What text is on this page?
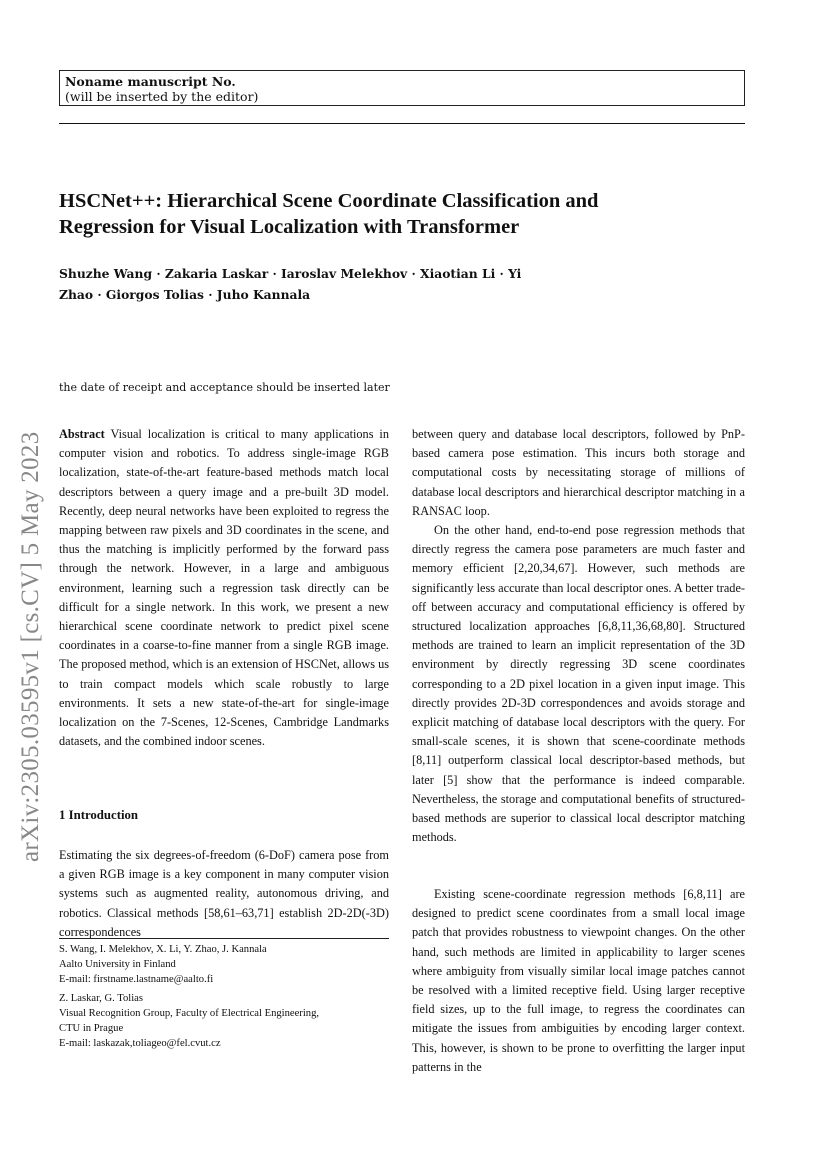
Noname manuscript No.
(will be inserted by the editor)
HSCNet++: Hierarchical Scene Coordinate Classification and
Regression for Visual Localization with Transformer
Shuzhe Wang · Zakaria Laskar · Iaroslav Melekhov · Xiaotian Li · Yi
Zhao · Giorgos Tolias · Juho Kannala
arXiv:2305.03595v1 [cs.CV] 5 May 2023
the date of receipt and acceptance should be inserted later
Abstract Visual localization is critical to many applications in computer vision and robotics. To address single-image RGB localization, state-of-the-art feature-based methods match local descriptors between a query image and a pre-built 3D model. Recently, deep neural networks have been exploited to regress the mapping between raw pixels and 3D coordinates in the scene, and thus the matching is implicitly performed by the forward pass through the network. However, in a large and ambiguous environment, learning such a regression task directly can be difficult for a single network. In this work, we present a new hierarchical scene coordinate network to predict pixel scene coordinates in a coarse-to-fine manner from a single RGB image. The proposed method, which is an extension of HSCNet, allows us to train compact models which scale robustly to large environments. It sets a new state-of-the-art for single-image localization on the 7-Scenes, 12-Scenes, Cambridge Landmarks datasets, and the combined indoor scenes.
1 Introduction
Estimating the six degrees-of-freedom (6-DoF) camera pose from a given RGB image is a key component in many computer vision systems such as augmented reality, autonomous driving, and robotics. Classical methods [58,61–63,71] establish 2D-2D(-3D) correspondences
S. Wang, I. Melekhov, X. Li, Y. Zhao, J. Kannala
Aalto University in Finland
E-mail: firstname.lastname@aalto.fi
Z. Laskar, G. Tolias
Visual Recognition Group, Faculty of Electrical Engineering,
CTU in Prague
E-mail: laskazak,toliageo@fel.cvut.cz
between query and database local descriptors, followed by PnP-based camera pose estimation. This incurs both storage and computational costs by necessitating storage of millions of database local descriptors and hierarchical descriptor matching in a RANSAC loop.
On the other hand, end-to-end pose regression methods that directly regress the camera pose parameters are much faster and memory efficient [2,20,34,67]. However, such methods are significantly less accurate than local descriptor ones. A better trade-off between accuracy and computational efficiency is offered by structured localization approaches [6,8,11,36,68,80]. Structured methods are trained to learn an implicit representation of the 3D environment by directly regressing 3D scene coordinates corresponding to a 2D pixel location in a given input image. This directly provides 2D-3D correspondences and avoids storage and explicit matching of database local descriptors with the query. For small-scale scenes, it is shown that scene-coordinate methods [8,11] outperform classical local descriptor-based methods, but later [5] show that the performance is indeed comparable. Nevertheless, the storage and computational benefits of structured-based methods are superior to classical local descriptor matching methods.
Existing scene-coordinate regression methods [6,8,11] are designed to predict scene coordinates from a small local image patch that provides robustness to viewpoint changes. On the other hand, such methods are limited in applicability to larger scenes where ambiguity from visually similar local image patches cannot be resolved with a limited receptive field. Using larger receptive field sizes, up to the full image, to regress the coordinates can mitigate the issues from ambiguities by encoding larger context. This, however, is shown to be prone to overfitting the larger input patterns in the
